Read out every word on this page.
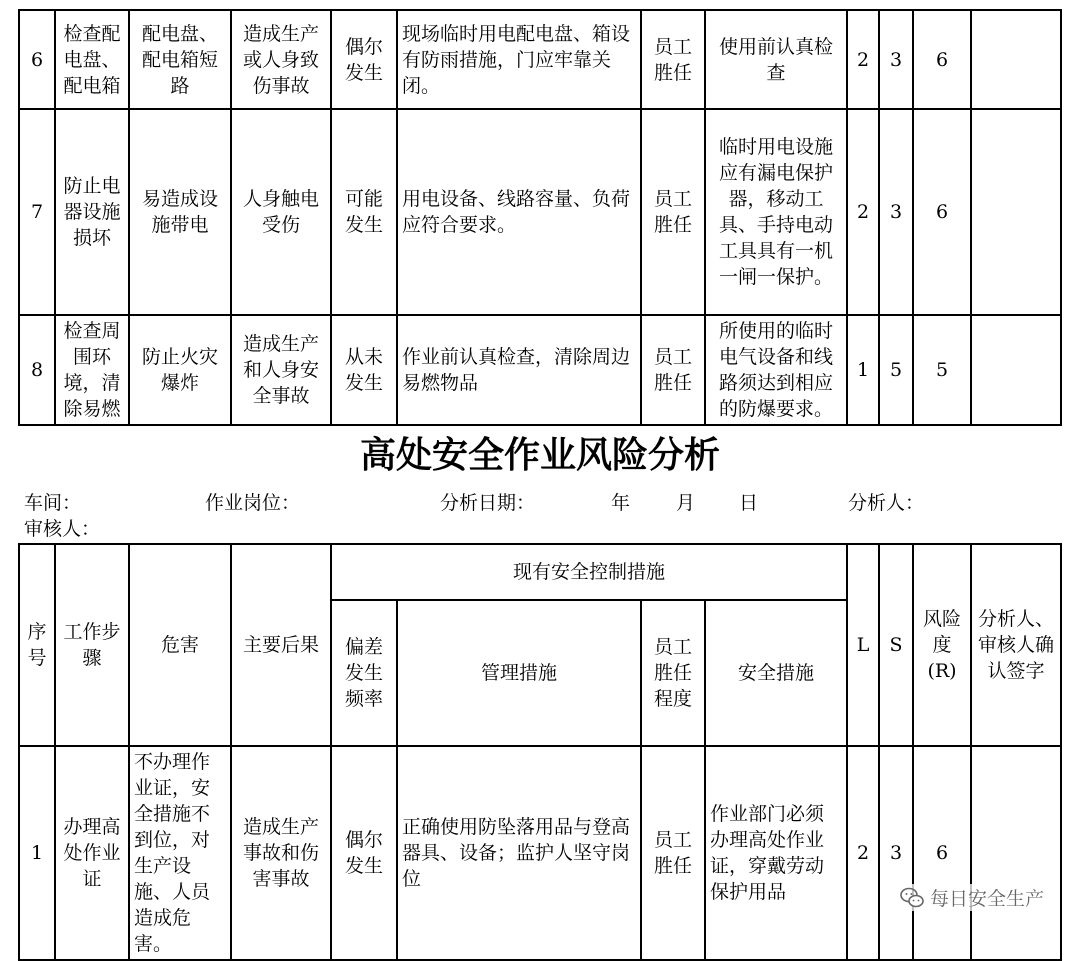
6	检查配电盘、配电箱	配电盘、配电箱短路	造成生产或人身致伤事故	偶尔发生	现场临时用电配电盘、箱设有防雨措施，门应牢靠关闭。	员工胜任	使用前认真检查	2	3	6	
7	防止电器设施损坏	易造成设施带电	人身触电受伤	可能发生	用电设备、线路容量、负荷应符合要求。	员工胜任	临时用电设施应有漏电保护器，移动工具、手持电动工具具有一机一闸一保护。	2	3	6	
8	检查周围环境，清除易燃	防止火灾爆炸	造成生产和人身安全事故	从未发生	作业前认真检查，清除周边易燃物品	员工胜任	所使用的临时电气设备和线路须达到相应的防爆要求。	1	5	5	
高处安全作业风险分析
车间：	作业岗位：	分析日期：	年 月 日	分析人：
审核人：
序号	工作步骤	危害	主要后果	现有安全控制措施				L	S	风险度(R)	分析人、审核人确认签字
				偏差发生频率	管理措施	员工胜任程度	安全措施				
1	办理高处作业证	不办理作业证，安全措施不到位，对生产设施、人员造成危害。	造成生产事故和伤害事故	偶尔发生	正确使用防坠落用品与登高器具、设备；监护人坚守岗位	员工胜任	作业部门必须办理高处作业证，穿戴劳动保护用品	2	3	6	
每日安全生产
